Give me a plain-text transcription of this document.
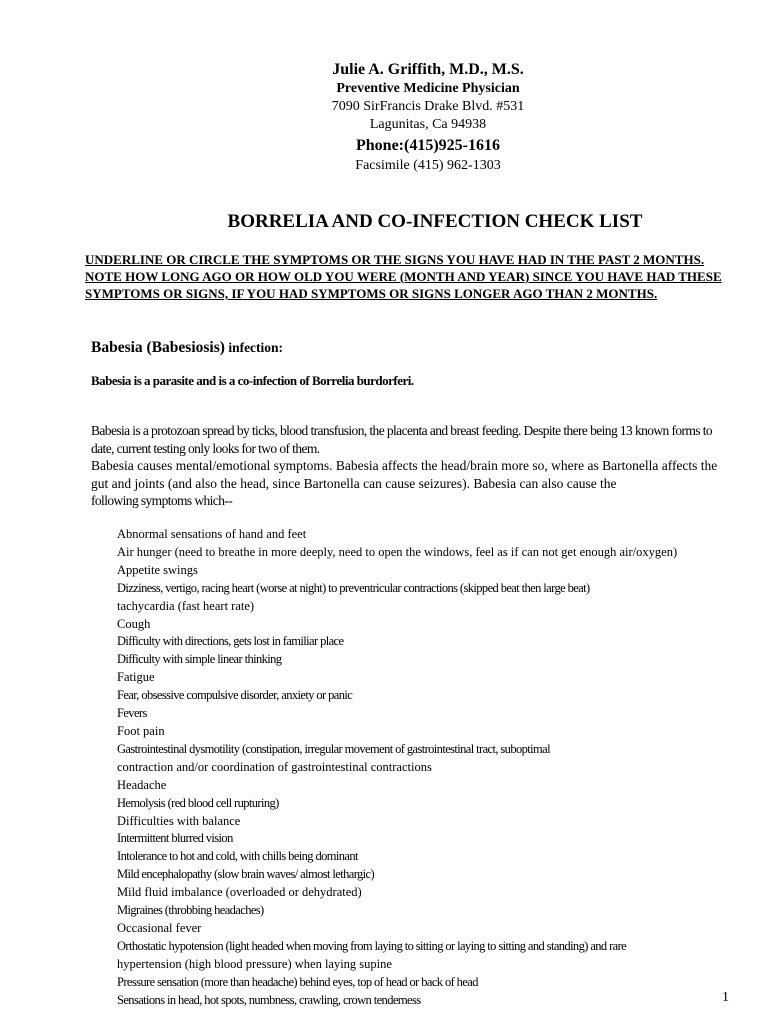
Julie A. Griffith, M.D., M.S.
Preventive Medicine Physician
7090 SirFrancis Drake Blvd. #531
Lagunitas, Ca 94938
Phone:(415)925-1616
Facsimile (415) 962-1303
BORRELIA AND CO-INFECTION CHECK LIST
UNDERLINE OR CIRCLE THE SYMPTOMS OR THE SIGNS YOU HAVE HAD IN THE PAST 2 MONTHS. NOTE HOW LONG AGO OR HOW OLD YOU WERE (MONTH AND YEAR) SINCE YOU HAVE HAD THESE SYMPTOMS OR SIGNS, IF YOU HAD SYMPTOMS OR SIGNS LONGER AGO THAN 2 MONTHS.
Babesia (Babesiosis) infection:
Babesia is a parasite and is a co-infection of Borrelia burdorferi.
Babesia is a protozoan spread by ticks, blood transfusion, the placenta and breast feeding. Despite there being 13 known forms to date, current testing only looks for two of them.
Babesia causes mental/emotional symptoms. Babesia affects the head/brain more so, where as Bartonella affects the gut and joints (and also the head, since Bartonella can cause seizures). Babesia can also cause the
following symptoms which--
Abnormal sensations of hand and feet
Air hunger (need to breathe in more deeply, need to open the windows, feel as if can not get enough air/oxygen)
Appetite swings
Dizziness, vertigo, racing heart (worse at night) to preventricular contractions (skipped beat then large beat)
tachycardia (fast heart rate)
Cough
Difficulty with directions, gets lost in familiar place
Difficulty with simple linear thinking
Fatigue
Fear, obsessive compulsive disorder, anxiety or panic
Fevers
Foot pain
Gastrointestinal dysmotility (constipation, irregular movement of gastrointestinal tract, suboptimal
contraction and/or coordination of gastrointestinal contractions
Headache
Hemolysis (red blood cell rupturing)
Difficulties with balance
Intermittent blurred vision
Intolerance to hot and cold, with chills being dominant
Mild encephalopathy (slow brain waves/ almost lethargic)
Mild fluid imbalance (overloaded or dehydrated)
Migraines (throbbing headaches)
Occasional fever
Orthostatic hypotension (light headed when moving from laying to sitting or laying to sitting and standing) and rare
hypertension (high blood pressure) when laying supine
Pressure sensation (more than headache) behind eyes, top of head or back of head
Sensations in head, hot spots, numbness, crawling, crown tenderness	1
